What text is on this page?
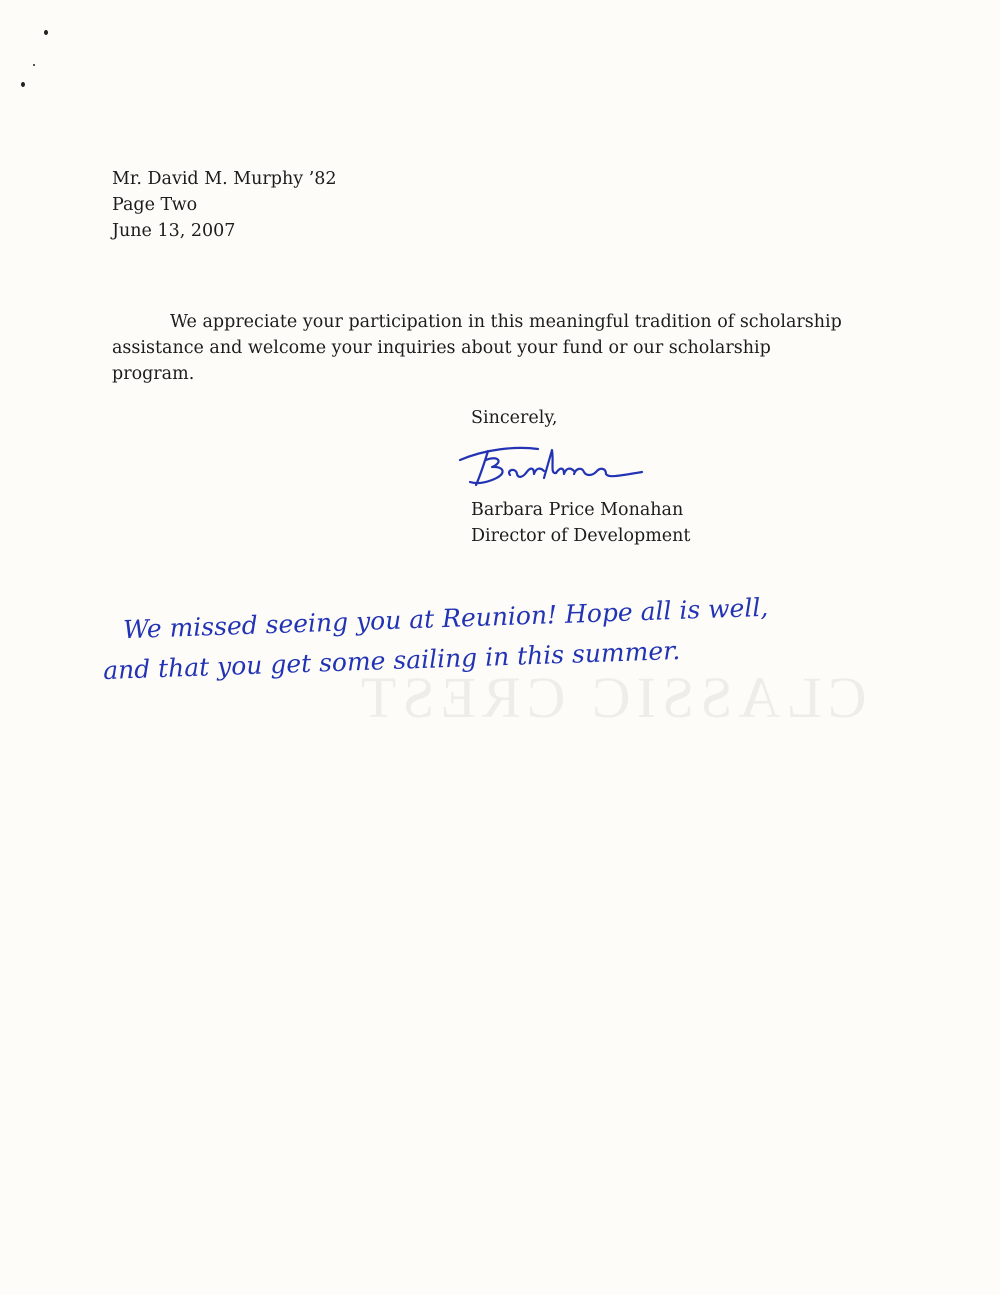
CLASSIC CREST
Mr. David M. Murphy ’82
Page Two
June 13, 2007

We appreciate your participation in this meaningful tradition of scholarship assistance and welcome your inquiries about your fund or our scholarship program.

Sincerely,
Barbara Price Monahan
Director of Development
We missed seeing you at Reunion! Hope all is well,
and that you get some sailing in this summer.
